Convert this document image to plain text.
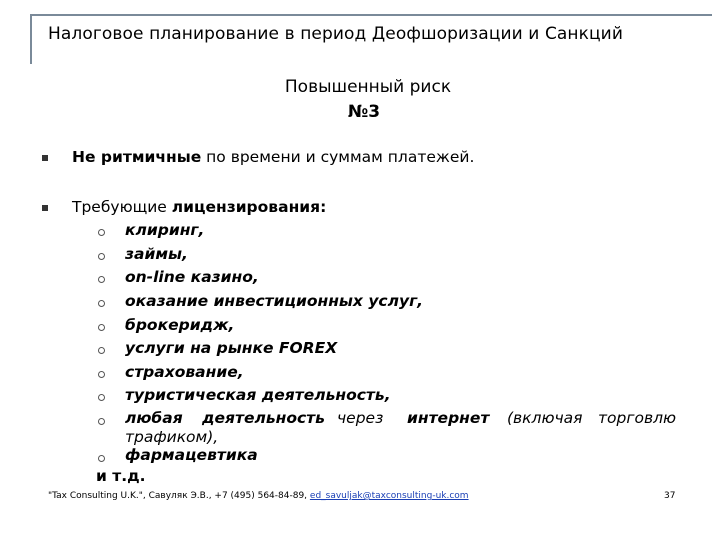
Налоговое планирование в период Деофшоризации и Санкций
Повышенный риск
№3
Не ритмичные по времени и суммам платежей.
Требующие лицензирования:
клиринг,
займы,
on-line казино,
оказание инвестиционных услуг,
брокеридж,
услуги на рынке FOREX
страхование,
туристическая деятельность,
любая деятельность через интернет (включая торговлю
трафиком),
фармацевтика
и т.д.
"Tax Consulting U.K.", Савуляк Э.В., +7 (495) 564-84-89, ed_savuljak@taxconsulting-uk.com	37
